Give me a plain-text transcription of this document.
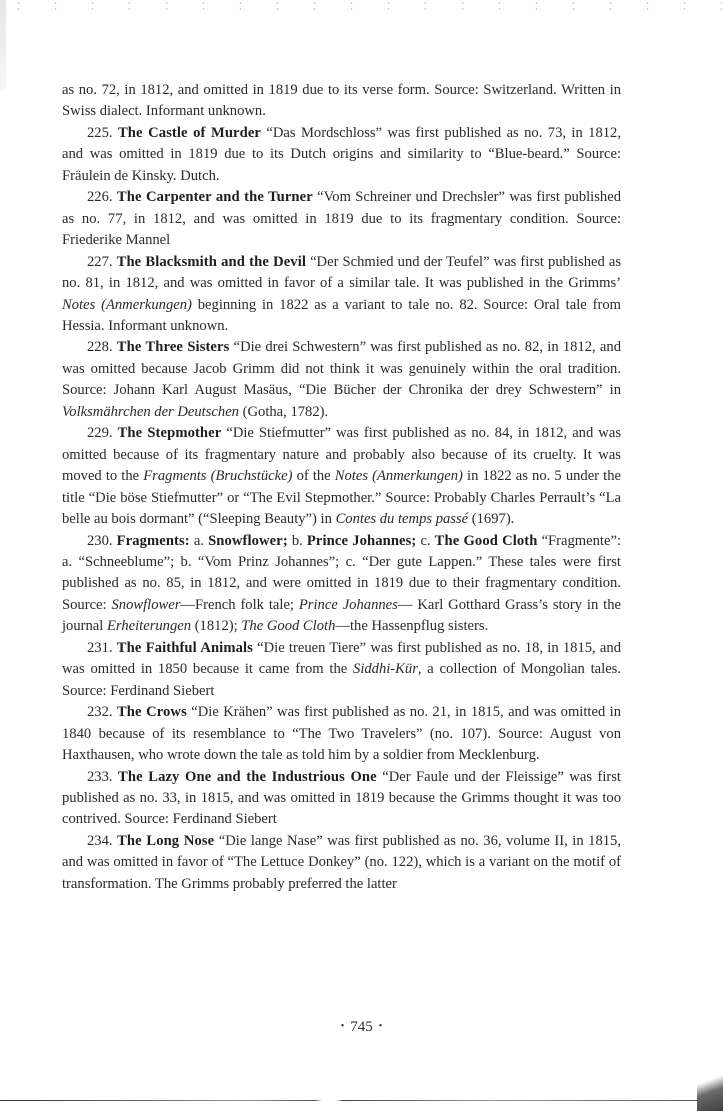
as no. 72, in 1812, and omitted in 1819 due to its verse form. Source: Switzerland. Written in Swiss dialect. Informant unknown.

225. The Castle of Murder “Das Mordschloss” was first published as no. 73, in 1812, and was omitted in 1819 due to its Dutch origins and similarity to “Blue-beard.” Source: Fräulein de Kinsky. Dutch.

226. The Carpenter and the Turner “Vom Schreiner und Drechsler” was first published as no. 77, in 1812, and was omitted in 1819 due to its fragmentary condition. Source: Friederike Mannel

227. The Blacksmith and the Devil “Der Schmied und der Teufel” was first published as no. 81, in 1812, and was omitted in favor of a similar tale. It was published in the Grimms’ Notes (Anmerkungen) beginning in 1822 as a variant to tale no. 82. Source: Oral tale from Hessia. Informant unknown.

228. The Three Sisters “Die drei Schwestern” was first published as no. 82, in 1812, and was omitted because Jacob Grimm did not think it was genuinely within the oral tradition. Source: Johann Karl August Masäus, “Die Bücher der Chronika der drey Schwestern” in Volksmährchen der Deutschen (Gotha, 1782).

229. The Stepmother “Die Stiefmutter” was first published as no. 84, in 1812, and was omitted because of its fragmentary nature and probably also because of its cruelty. It was moved to the Fragments (Bruchstücke) of the Notes (Anmerkungen) in 1822 as no. 5 under the title “Die böse Stiefmutter” or “The Evil Stepmother.” Source: Probably Charles Perrault’s “La belle au bois dormant” (“Sleeping Beauty”) in Contes du temps passé (1697).

230. Fragments: a. Snowflower; b. Prince Johannes; c. The Good Cloth “Fragmente”: a. “Schneeblume”; b. “Vom Prinz Johannes”; c. “Der gute Lappen.” These tales were first published as no. 85, in 1812, and were omitted in 1819 due to their fragmentary condition. Source: Snowflower—French folk tale; Prince Johannes— Karl Gotthard Grass’s story in the journal Erheiterungen (1812); The Good Cloth—the Hassenpflug sisters.

231. The Faithful Animals “Die treuen Tiere” was first published as no. 18, in 1815, and was omitted in 1850 because it came from the Siddhi-Kür, a collection of Mongolian tales. Source: Ferdinand Siebert

232. The Crows “Die Krähen” was first published as no. 21, in 1815, and was omitted in 1840 because of its resemblance to “The Two Travelers” (no. 107). Source: August von Haxthausen, who wrote down the tale as told him by a soldier from Mecklenburg.

233. The Lazy One and the Industrious One “Der Faule und der Fleissige” was first published as no. 33, in 1815, and was omitted in 1819 because the Grimms thought it was too contrived. Source: Ferdinand Siebert

234. The Long Nose “Die lange Nase” was first published as no. 36, volume II, in 1815, and was omitted in favor of “The Lettuce Donkey” (no. 122), which is a variant on the motif of transformation. The Grimms probably preferred the latter

• 745 •
